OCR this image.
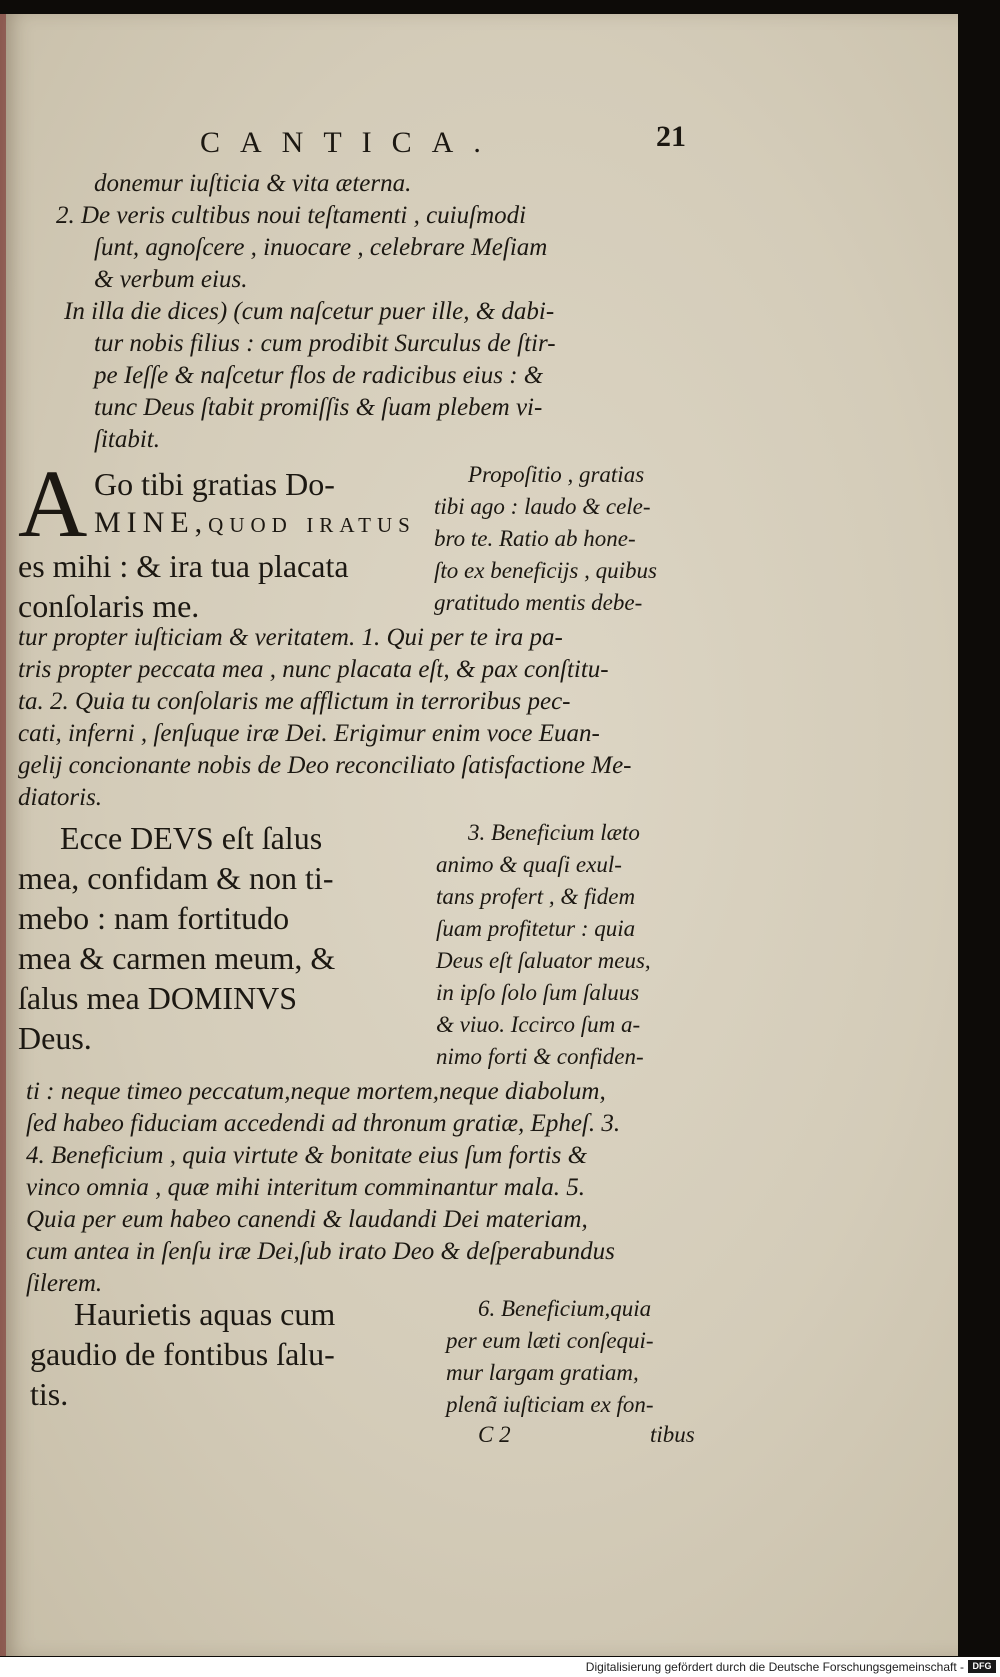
CANTICA.	21
donemur iuſticia & vita æterna.
2. De veris cultibus noui teſtamenti , cuiuſmodi
ſunt, agnoſcere , inuocare , celebrare Meſiam
& verbum eius.
In illa die dices) (cum naſcetur puer ille, & dabi-
tur nobis filius : cum prodibit Surculus de ſtir-
pe Ieſſe & naſcetur flos de radicibus eius : &
tunc Deus ſtabit promiſſis & ſuam plebem vi-
ſitabit.
A Go tibi gratias Do-
MINE,quod iratus
es mihi : & ira tua placata
conſolaris me.
Propoſitio , gratias
tibi ago : laudo & cele-
bro te. Ratio ab hone-
ſto ex beneficijs , quibus
gratitudo mentis debe-
tur propter iuſticiam & veritatem. 1. Qui per te ira pa-
tris propter peccata mea , nunc placata eſt, & pax conſtitu-
ta. 2. Quia tu conſolaris me afflictum in terroribus pec-
cati, inferni , ſenſuque iræ Dei. Erigimur enim voce Euan-
gelij concionante nobis de Deo reconciliato ſatisfactione Me-
diatoris.
Ecce DEVS eſt ſalus
mea, confidam & non ti-
mebo : nam fortitudo
mea & carmen meum, &
ſalus mea DOMINVS
Deus.
3. Beneficium læto
animo & quaſi exul-
tans profert , & fidem
ſuam profitetur : quia
Deus eſt ſaluator meus,
in ipſo ſolo ſum ſaluus
& viuo. Iccirco ſum a-
nimo forti & confiden-
ti : neque timeo peccatum,neque mortem,neque diabolum,
ſed habeo fiduciam accedendi ad thronum gratiæ, Epheſ. 3.
4. Beneficium , quia virtute & bonitate eius ſum fortis &
vinco omnia , quæ mihi interitum comminantur mala. 5.
Quia per eum habeo canendi & laudandi Dei materiam,
cum antea in ſenſu iræ Dei,ſub irato Deo & deſperabundus
ſilerem.
Haurietis aquas cum
gaudio de fontibus ſalu-
tis.
6. Beneficium,quia
per eum læti conſequi-
mur largam gratiam,
plenã iuſticiam ex fon-
C 2	tibus
Digitalisierung gefördert durch die Deutsche Forschungsgemeinschaft - DFG
